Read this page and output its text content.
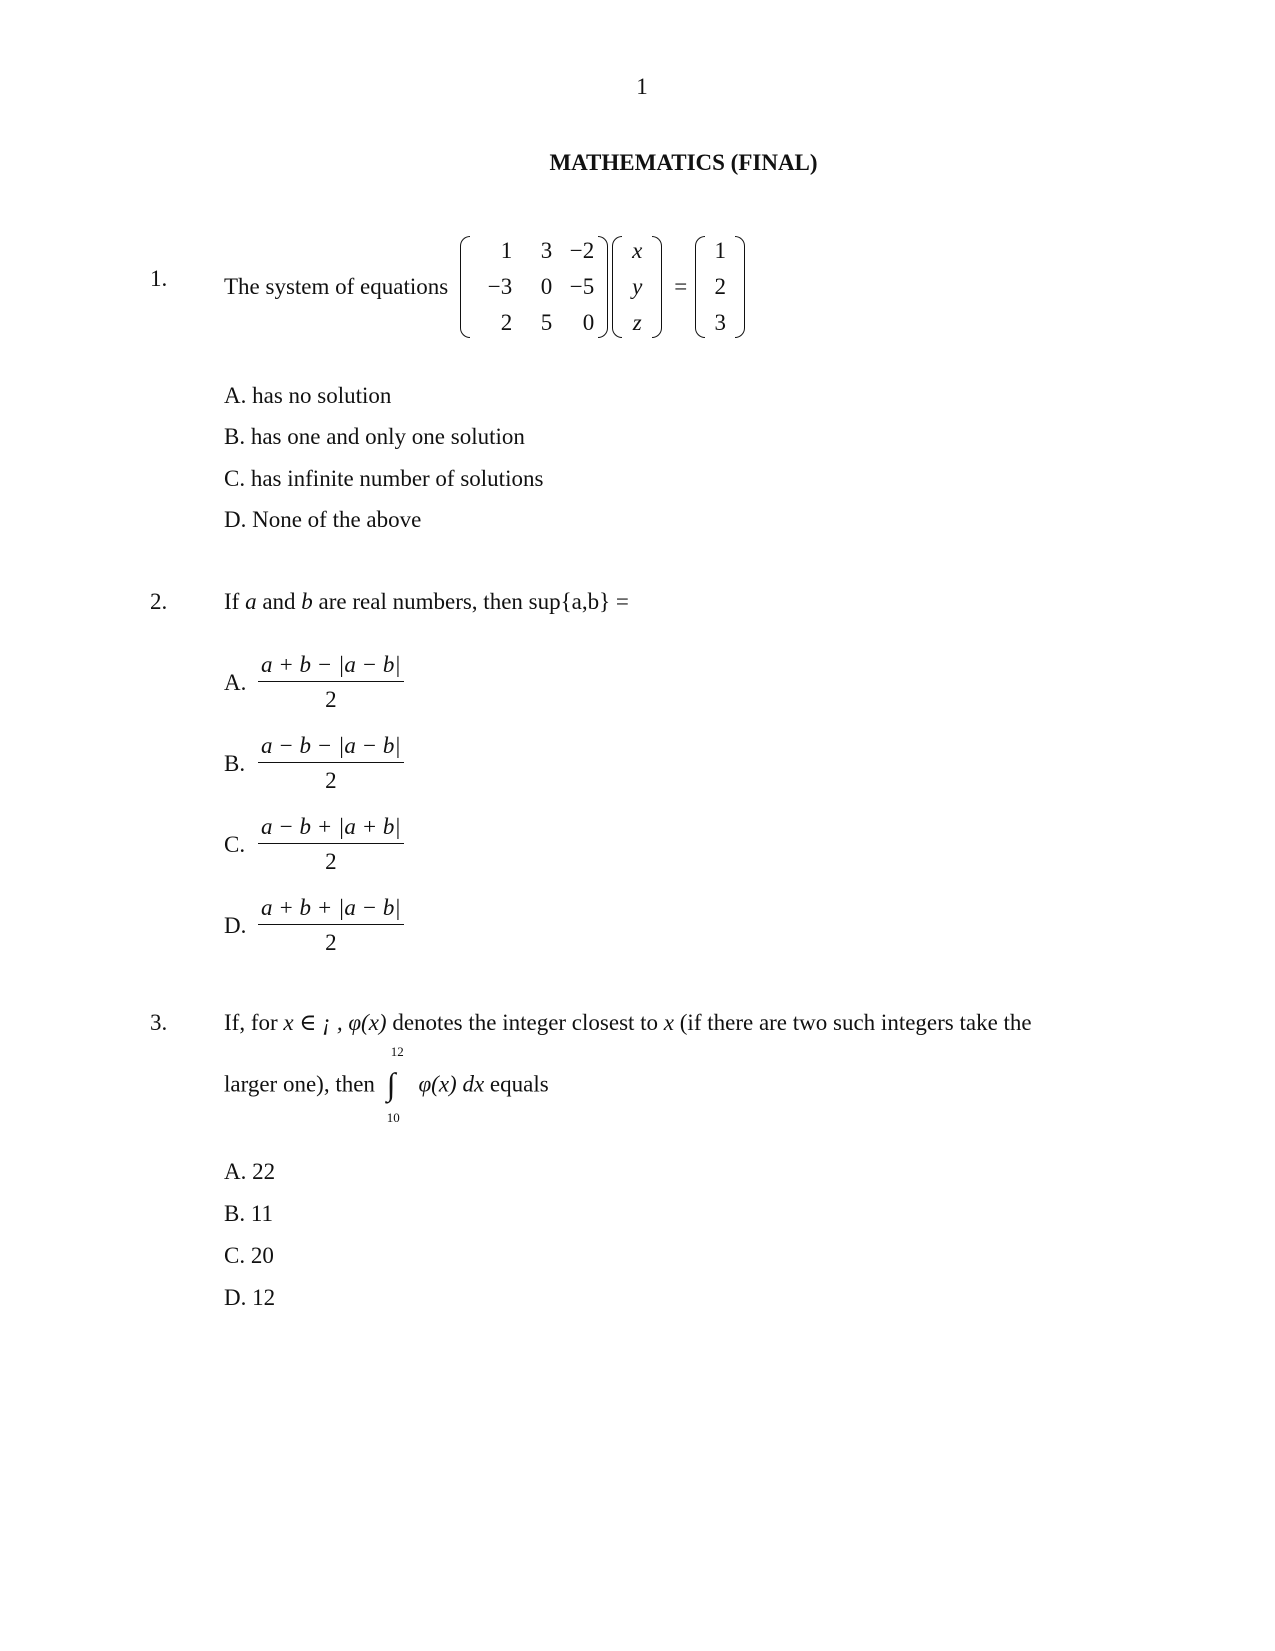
1
MATHEMATICS (FINAL)
1. The system of equations
1	3 −2
−3	0 −5
2	5	0
x
y
z
=
1
2
3
A. has no solution
B. has one and only one solution
C. has infinite number of solutions
D. None of the above
2. If a and b are real numbers, then sup{a,b} =
A. $\frac{a + b - |a - b|}{2}$
B. $\frac{a - b - |a - b|}{2}$
C. $\frac{a - b + |a + b|}{2}$
D. $\frac{a + b + |a - b|}{2}$
3. If, for x ∈ ¡ , φ(x) denotes the integer closest to x (if there are two such integers take the
larger one), then
12
∫
10
φ(x) dx equals
A. 22
B. 11
C. 20
D. 12
